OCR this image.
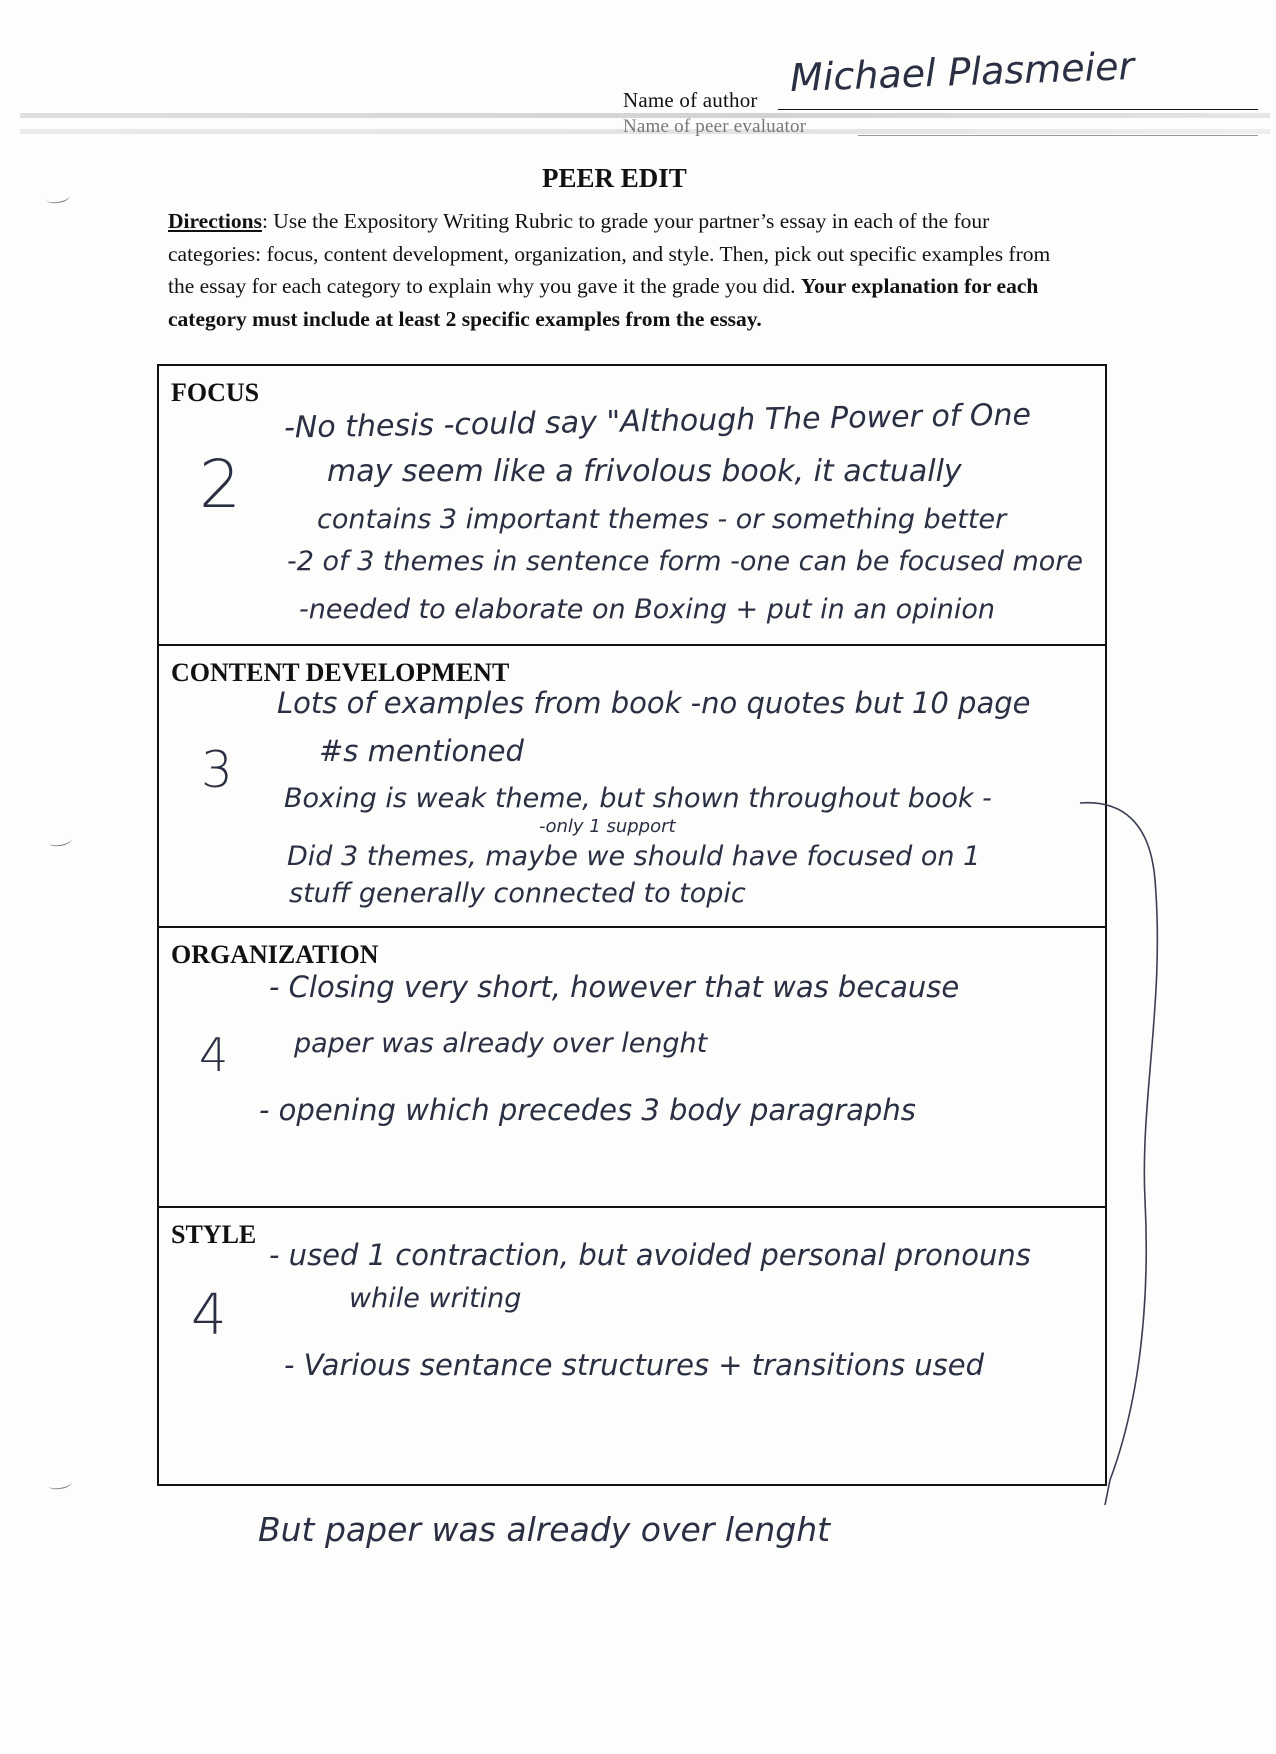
Name of author
Michael Plasmeier
Name of peer evaluator
PEER EDIT
Directions: Use the Expository Writing Rubric to grade your partner’s essay in each of the four categories: focus, content development, organization, and style. Then, pick out specific examples from the essay for each category to explain why you gave it the grade you did. Your explanation for each category must include at least 2 specific examples from the essay.
FOCUS
2
-No thesis -could say "Although The Power of One
may seem like a frivolous book, it actually
contains 3 important themes - or something better
-2 of 3 themes in sentence form -one can be focused more
-needed to elaborate on Boxing + put in an opinion
CONTENT DEVELOPMENT
3
Lots of examples from book -no quotes but 10 page
#s mentioned
Boxing is weak theme, but shown throughout book -
-only 1 support
Did 3 themes, maybe we should have focused on 1
stuff generally connected to topic
ORGANIZATION
4
- Closing very short, however that was because
paper was already over lenght
- opening which precedes 3 body paragraphs
STYLE
4
- used 1 contraction, but avoided personal pronouns
while writing
- Various sentance structures + transitions used
But paper was already over lenght
